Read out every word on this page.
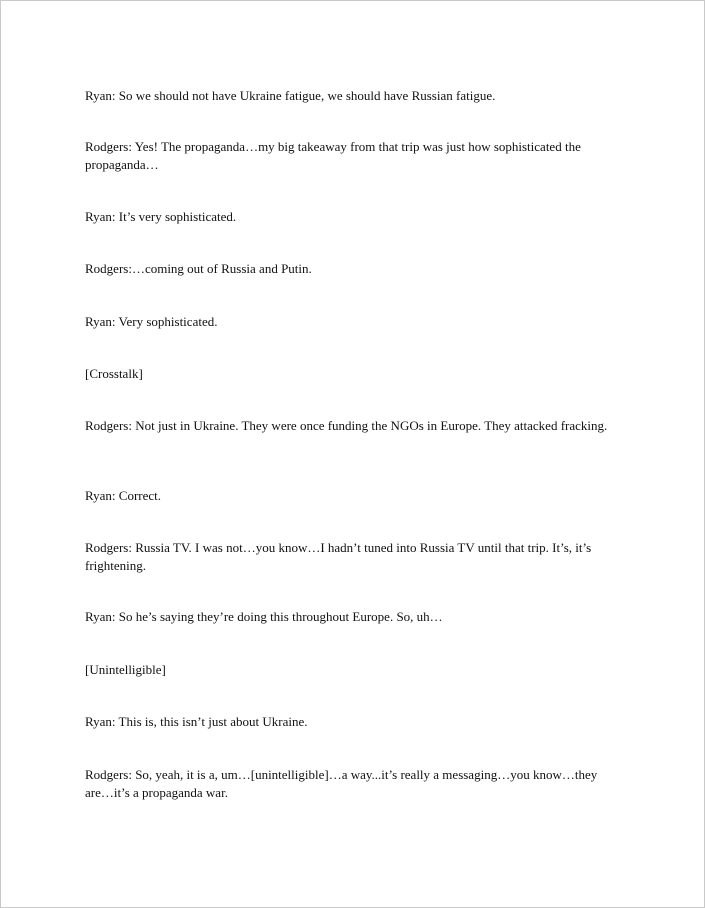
Ryan: So we should not have Ukraine fatigue, we should have Russian fatigue.

Rodgers: Yes! The propaganda…my big takeaway from that trip was just how sophisticated the propaganda…

Ryan: It’s very sophisticated.

Rodgers:…coming out of Russia and Putin.

Ryan: Very sophisticated.

[Crosstalk]

Rodgers: Not just in Ukraine. They were once funding the NGOs in Europe. They attacked fracking.

Ryan: Correct.

Rodgers: Russia TV. I was not…you know…I hadn’t tuned into Russia TV until that trip. It’s, it’s frightening.

Ryan: So he’s saying they’re doing this throughout Europe. So, uh…

[Unintelligible]

Ryan: This is, this isn’t just about Ukraine.

Rodgers: So, yeah, it is a, um…[unintelligible]…a way...it’s really a messaging…you know…they are…it’s a propaganda war.
